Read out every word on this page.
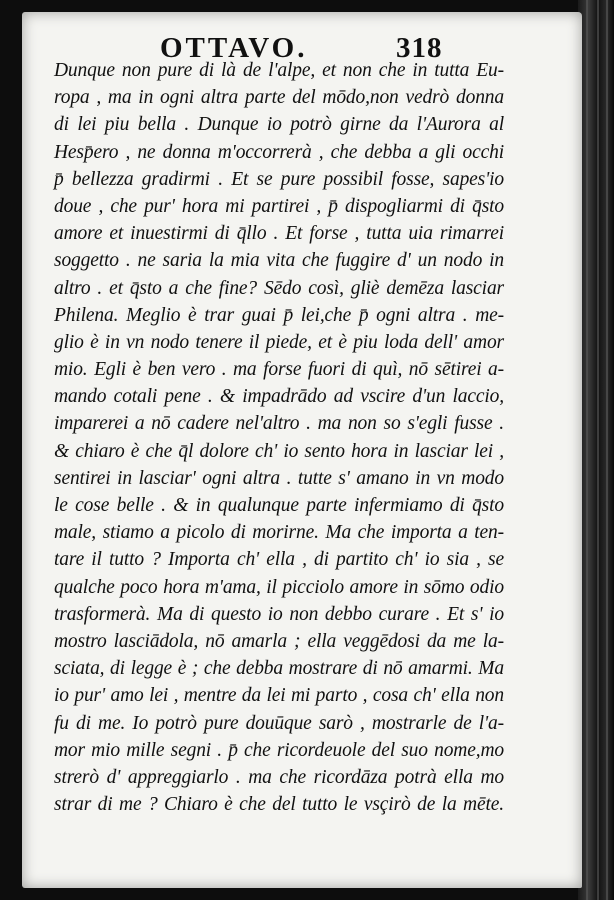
OTTAVO.	318
Dunque non pure di là de l'alpe, et non che in tutta Eu-
ropa , ma in ogni altra parte del mōdo,non vedrò donna
di lei piu bella . Dunque io potrò girne da l'Aurora al
Hesp̄ero , ne donna m'occorrerà , che debba a gli occhi
p̄ bellezza gradirmi . Et se pure possibil fosse, sapes'io
doue , che pur' hora mi partirei , p̄ dispogliarmi di q̄sto
amore et inuestirmi di q̄llo . Et forse , tutta uia rimarrei
soggetto . ne saria la mia vita che fuggire d' un nodo in
altro . et q̄sto a che fine? Sēdo così, gliè demēza lasciar
Philena. Meglio è trar guai p̄ lei,che p̄ ogni altra . me-
glio è in vn nodo tenere il piede, et è piu loda dell' amor
mio. Egli è ben vero . ma forse fuori di quì, nō sētirei a-
mando cotali pene . & impadrādo ad vscire d'un laccio,
imparerei a nō cadere nel'altro . ma non so s'egli fusse .
& chiaro è che q̄l dolore ch' io sento hora in lasciar lei ,
sentirei in lasciar' ogni altra . tutte s' amano in vn modo
le cose belle . & in qualunque parte infermiamo di q̄sto
male, stiamo a picolo di morirne. Ma che importa a ten-
tare il tutto ? Importa ch' ella , di partito ch' io sia , se
qualche poco hora m'ama, il picciolo amore in sōmo odio
trasformerà. Ma di questo io non debbo curare . Et s' io
mostro lasciādola, nō amarla ; ella veggēdosi da me la-
sciata, di legge è ; che debba mostrare di nō amarmi. Ma
io pur' amo lei , mentre da lei mi parto , cosa ch' ella non
fu di me. Io potrò pure douūque sarò , mostrarle de l'a-
mor mio mille segni . p̄ che ricordeuole del suo nome,mo
strerò d' appreggiarlo . ma che ricordāza potrà ella mo
strar di me ? Chiaro è che del tutto le vsçirò de la mēte.
